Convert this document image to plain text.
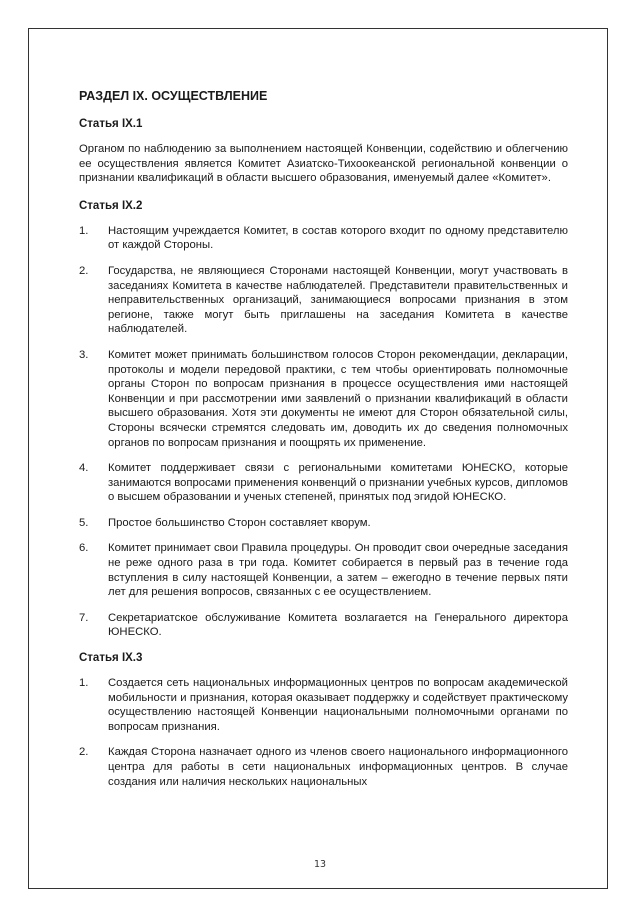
РАЗДЕЛ IX. ОСУЩЕСТВЛЕНИЕ
Статья IX.1
Органом по наблюдению за выполнением настоящей Конвенции, содействию и облегчению ее осуществления является Комитет Азиатско-Тихоокеанской региональной конвенции о признании квалификаций в области высшего образования, именуемый далее «Комитет».
Статья IX.2
1.	Настоящим учреждается Комитет, в состав которого входит по одному представителю от каждой Стороны.
2.	Государства, не являющиеся Сторонами настоящей Конвенции, могут участвовать в заседаниях Комитета в качестве наблюдателей. Представители правительственных и неправительственных организаций, занимающиеся вопросами признания в этом регионе, также могут быть приглашены на заседания Комитета в качестве наблюдателей.
3.	Комитет может принимать большинством голосов Сторон рекомендации, декларации, протоколы и модели передовой практики, с тем чтобы ориентировать полномочные органы Сторон по вопросам признания в процессе осуществления ими настоящей Конвенции и при рассмотрении ими заявлений о признании квалификаций в области высшего образования. Хотя эти документы не имеют для Сторон обязательной силы, Стороны всячески стремятся следовать им, доводить их до сведения полномочных органов по вопросам признания и поощрять их применение.
4.	Комитет поддерживает связи с региональными комитетами ЮНЕСКО, которые занимаются вопросами применения конвенций о признании учебных курсов, дипломов о высшем образовании и ученых степеней, принятых под эгидой ЮНЕСКО.
5.	Простое большинство Сторон составляет кворум.
6.	Комитет принимает свои Правила процедуры. Он проводит свои очередные заседания не реже одного раза в три года. Комитет собирается в первый раз в течение года вступления в силу настоящей Конвенции, а затем – ежегодно в течение первых пяти лет для решения вопросов, связанных с ее осуществлением.
7.	Секретариатское обслуживание Комитета возлагается на Генерального директора ЮНЕСКО.
Статья IX.3
1.	Создается сеть национальных информационных центров по вопросам академической мобильности и признания, которая оказывает поддержку и содействует практическому осуществлению настоящей Конвенции национальными полномочными органами по вопросам признания.
2.	Каждая Сторона назначает одного из членов своего национального информационного центра для работы в сети национальных информационных центров. В случае создания или наличия нескольких национальных
13
